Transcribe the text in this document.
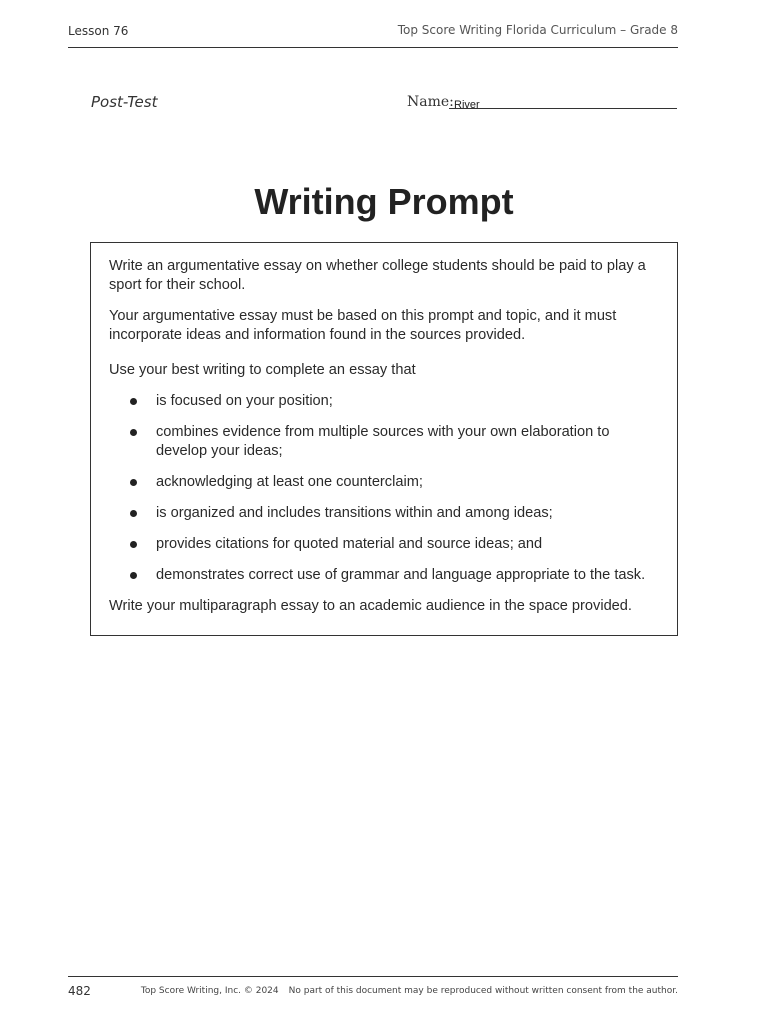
Lesson 76	Top Score Writing Florida Curriculum – Grade 8
Post-Test	Name: River
Writing Prompt

Write an argumentative essay on whether college students should be paid to play a sport for their school.

Your argumentative essay must be based on this prompt and topic, and it must incorporate ideas and information found in the sources provided.

Use your best writing to complete an essay that

is focused on your position;
combines evidence from multiple sources with your own elaboration to develop your ideas;
acknowledging at least one counterclaim;
is organized and includes transitions within and among ideas;
provides citations for quoted material and source ideas; and
demonstrates correct use of grammar and language appropriate to the task.

Write your multiparagraph essay to an academic audience in the space provided.

482	Top Score Writing, Inc. © 2024 No part of this document may be reproduced without written consent from the author.
